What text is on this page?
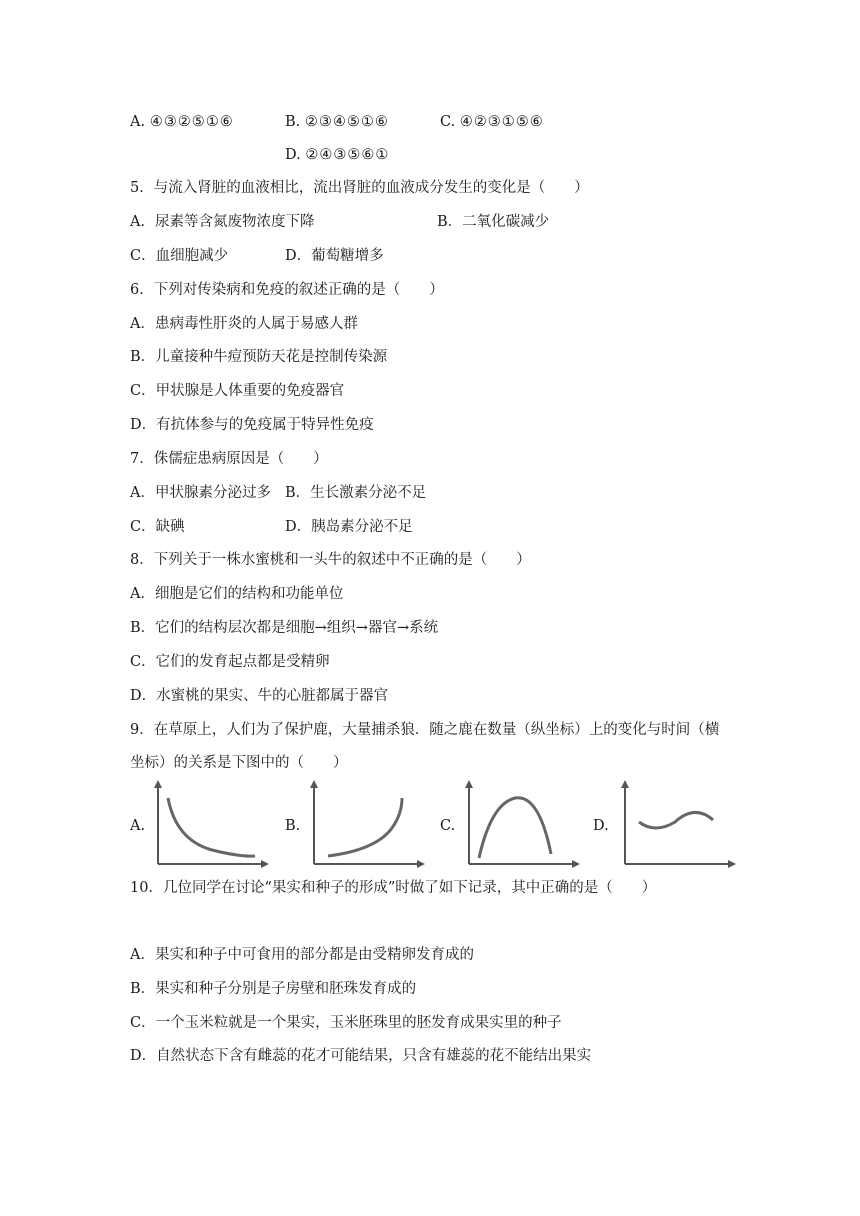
A. ④③②⑤①⑥	B. ②③④⑤①⑥	C. ④②③①⑤⑥
D. ②④③⑤⑥①
5．与流入肾脏的血液相比，流出肾脏的血液成分发生的变化是（　　）
A．尿素等含氮废物浓度下降	B．二氧化碳减少
C．血细胞减少	D．葡萄糖增多
6．下列对传染病和免疫的叙述正确的是（　　）
A．患病毒性肝炎的人属于易感人群
B．儿童接种牛痘预防天花是控制传染源
C．甲状腺是人体重要的免疫器官
D．有抗体参与的免疫属于特异性免疫
7．侏儒症患病原因是（　　）
A．甲状腺素分泌过多 B．生长激素分泌不足
C．缺碘	D．胰岛素分泌不足
8．下列关于一株水蜜桃和一头牛的叙述中不正确的是（　　）
A．细胞是它们的结构和功能单位
B．它们的结构层次都是细胞→组织→器官→系统
C．它们的发育起点都是受精卵
D．水蜜桃的果实、牛的心脏都属于器官
9．在草原上，人们为了保护鹿，大量捕杀狼．随之鹿在数量（纵坐标）上的变化与时间（横
坐标）的关系是下图中的（　　）
A.	B.	C.	D.
10．几位同学在讨论“果实和种子的形成”时做了如下记录，其中正确的是（　　）
A．果实和种子中可食用的部分都是由受精卵发育成的
B．果实和种子分别是子房壁和胚珠发育成的
C．一个玉米粒就是一个果实，玉米胚珠里的胚发育成果实里的种子
D．自然状态下含有雌蕊的花才可能结果，只含有雄蕊的花不能结出果实
